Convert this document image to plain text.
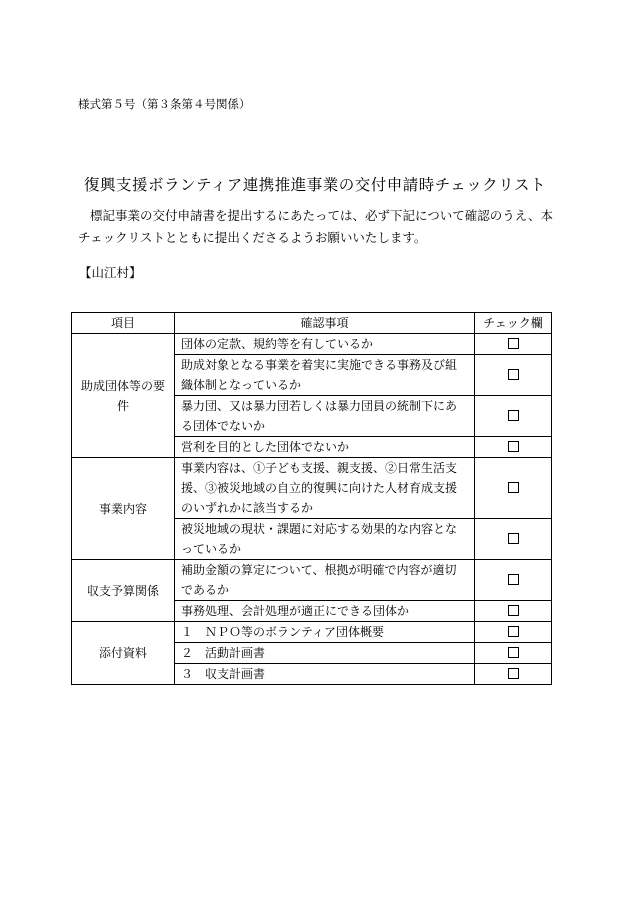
様式第５号（第３条第４号関係）
復興支援ボランティア連携推進事業の交付申請時チェックリスト
標記事業の交付申請書を提出するにあたっては、必ず下記について確認のうえ、本チェックリストとともに提出くださるようお願いいたします。
【山江村】
項目	確認事項	チェック欄
助成団体等の要件	団体の定款、規約等を有しているか	
	助成対象となる事業を着実に実施できる事務及び組織体制となっているか	
	暴力団、又は暴力団若しくは暴力団員の統制下にある団体でないか	
	営利を目的とした団体でないか	
事業内容	事業内容は、①子ども支援、親支援、②日常生活支援、③被災地域の自立的復興に向けた人材育成支援のいずれかに該当するか	
	被災地域の現状・課題に対応する効果的な内容となっているか	
収支予算関係	補助金額の算定について、根拠が明確で内容が適切であるか	
	事務処理、会計処理が適正にできる団体か	
添付資料	１　ＮＰＯ等のボランティア団体概要	
	２　活動計画書	
	３　収支計画書	
